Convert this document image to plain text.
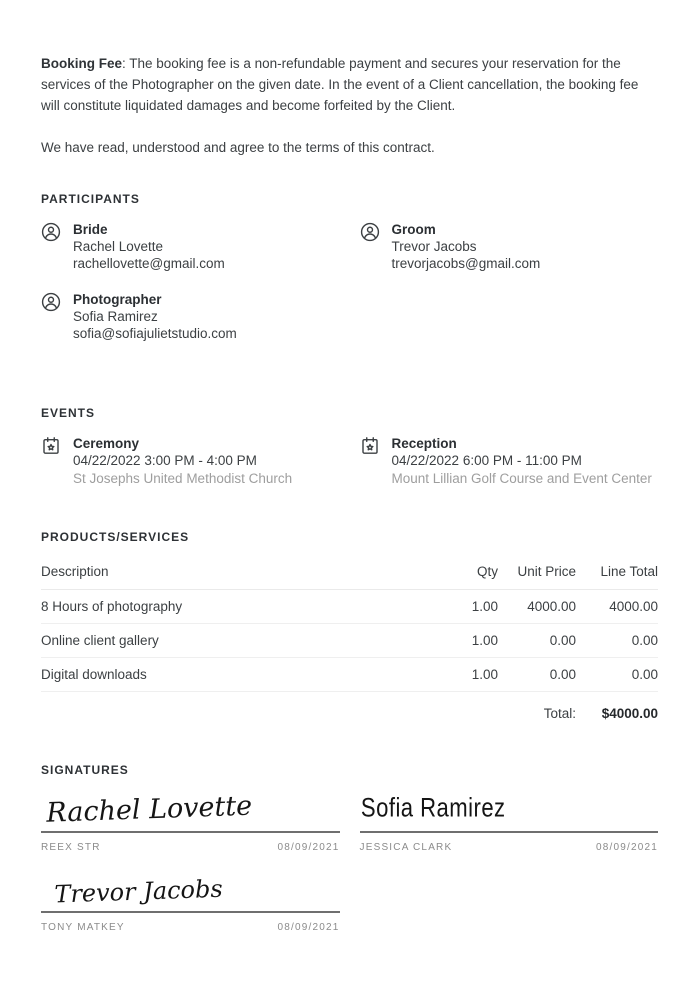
Booking Fee: The booking fee is a non-refundable payment and secures your reservation for the services of the Photographer on the given date. In the event of a Client cancellation, the booking fee will constitute liquidated damages and become forfeited by the Client.

We have read, understood and agree to the terms of this contract.

PARTICIPANTS
Bride
Rachel Lovette
rachellovette@gmail.com
Groom
Trevor Jacobs
trevorjacobs@gmail.com
Photographer
Sofia Ramirez
sofia@sofiajulietstudio.com
EVENTS
Ceremony
04/22/2022 3:00 PM - 4:00 PM
St Josephs United Methodist Church
Reception
04/22/2022 6:00 PM - 11:00 PM
Mount Lillian Golf Course and Event Center
PRODUCTS/SERVICES
Description	Qty	Unit Price	Line Total
8 Hours of photography	1.00	4000.00	4000.00
Online client gallery	1.00	0.00	0.00
Digital downloads	1.00	0.00	0.00
		Total:	$4000.00
SIGNATURES
Rachel Lovette
REEX STR	08/09/2021
Sofia Ramirez
JESSICA CLARK	08/09/2021
Trevor Jacobs
TONY MATKEY	08/09/2021
